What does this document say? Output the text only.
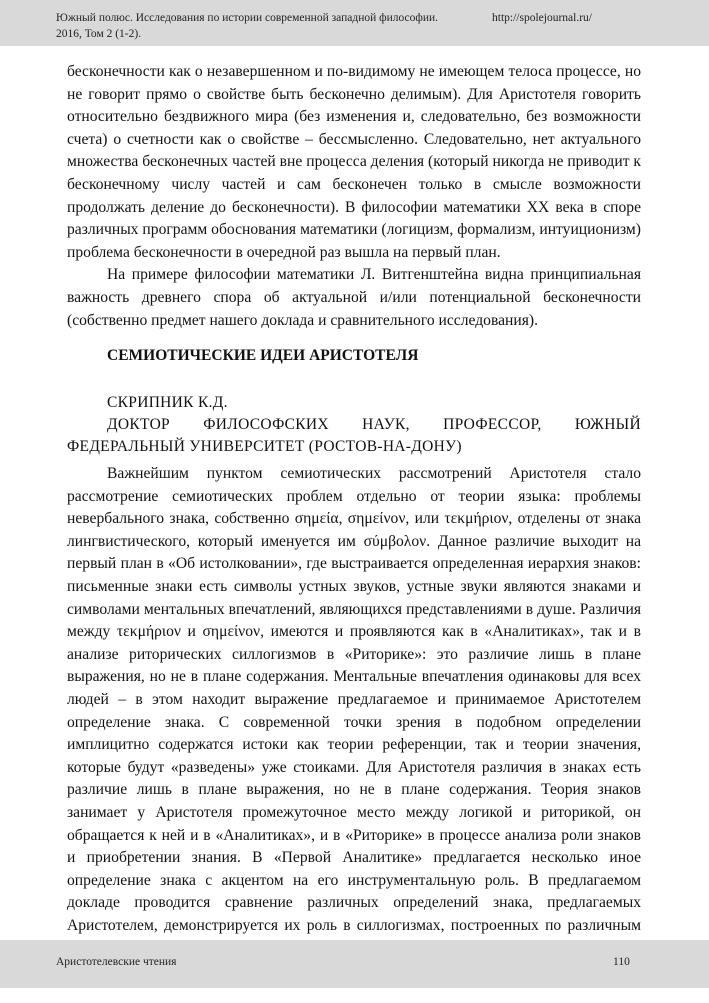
Южный полюс. Исследования по истории современной западной философии.
2016, Том 2 (1-2).
http://spolejournal.ru/

бесконечности как о незавершенном и по-видимому не имеющем телоса процессе, но не говорит прямо о свойстве быть бесконечно делимым). Для Аристотеля говорить относительно бездвижного мира (без изменения и, следовательно, без возможности счета) о счетности как о свойстве – бессмысленно. Следовательно, нет актуального множества бесконечных частей вне процесса деления (который никогда не приводит к бесконечному числу частей и сам бесконечен только в смысле возможности продолжать деление до бесконечности). В философии математики XX века в споре различных программ обоснования математики (логицизм, формализм, интуиционизм) проблема бесконечности в очередной раз вышла на первый план.

На примере философии математики Л. Витгенштейна видна принципиальная важность древнего спора об актуальной и/или потенциальной бесконечности (собственно предмет нашего доклада и сравнительного исследования).

СЕМИОТИЧЕСКИЕ ИДЕИ АРИСТОТЕЛЯ

СКРИПНИК К.Д.

ДОКТОР ФИЛОСОФСКИХ НАУК, ПРОФЕССОР, ЮЖНЫЙ ФЕДЕРАЛЬНЫЙ УНИВЕРСИТЕТ (РОСТОВ-НА-ДОНУ)

Важнейшим пунктом семиотических рассмотрений Аристотеля стало рассмотрение семиотических проблем отдельно от теории языка: проблемы невербального знака, собственно σημεία, σημείνον, или τεκμήριον, отделены от знака лингвистического, который именуется им σύμβολον. Данное различие выходит на первый план в «Об истолковании», где выстраивается определенная иерархия знаков: письменные знаки есть символы устных звуков, устные звуки являются знаками и символами ментальных впечатлений, являющихся представлениями в душе. Различия между τεκμήριον и σημείνον, имеются и проявляются как в «Аналитиках», так и в анализе риторических силлогизмов в «Риторике»: это различие лишь в плане выражения, но не в плане содержания. Ментальные впечатления одинаковы для всех людей – в этом находит выражение предлагаемое и принимаемое Аристотелем определение знака. С современной точки зрения в подобном определении имплицитно содержатся истоки как теории референции, так и теории значения, которые будут «разведены» уже стоиками. Для Аристотеля различия в знаках есть различие лишь в плане выражения, но не в плане содержания. Теория знаков занимает у Аристотеля промежуточное место между логикой и риторикой, он обращается к ней и в «Аналитиках», и в «Риторике» в процессе анализа роли знаков и приобретении знания. В «Первой Аналитике» предлагается несколько иное определение знака с акцентом на его инструментальную роль. В предлагаемом докладе проводится сравнение различных определений знака, предлагаемых Аристотелем, демонстрируется их роль в силлогизмах, построенных по различным

Аристотелевские чтения	110
